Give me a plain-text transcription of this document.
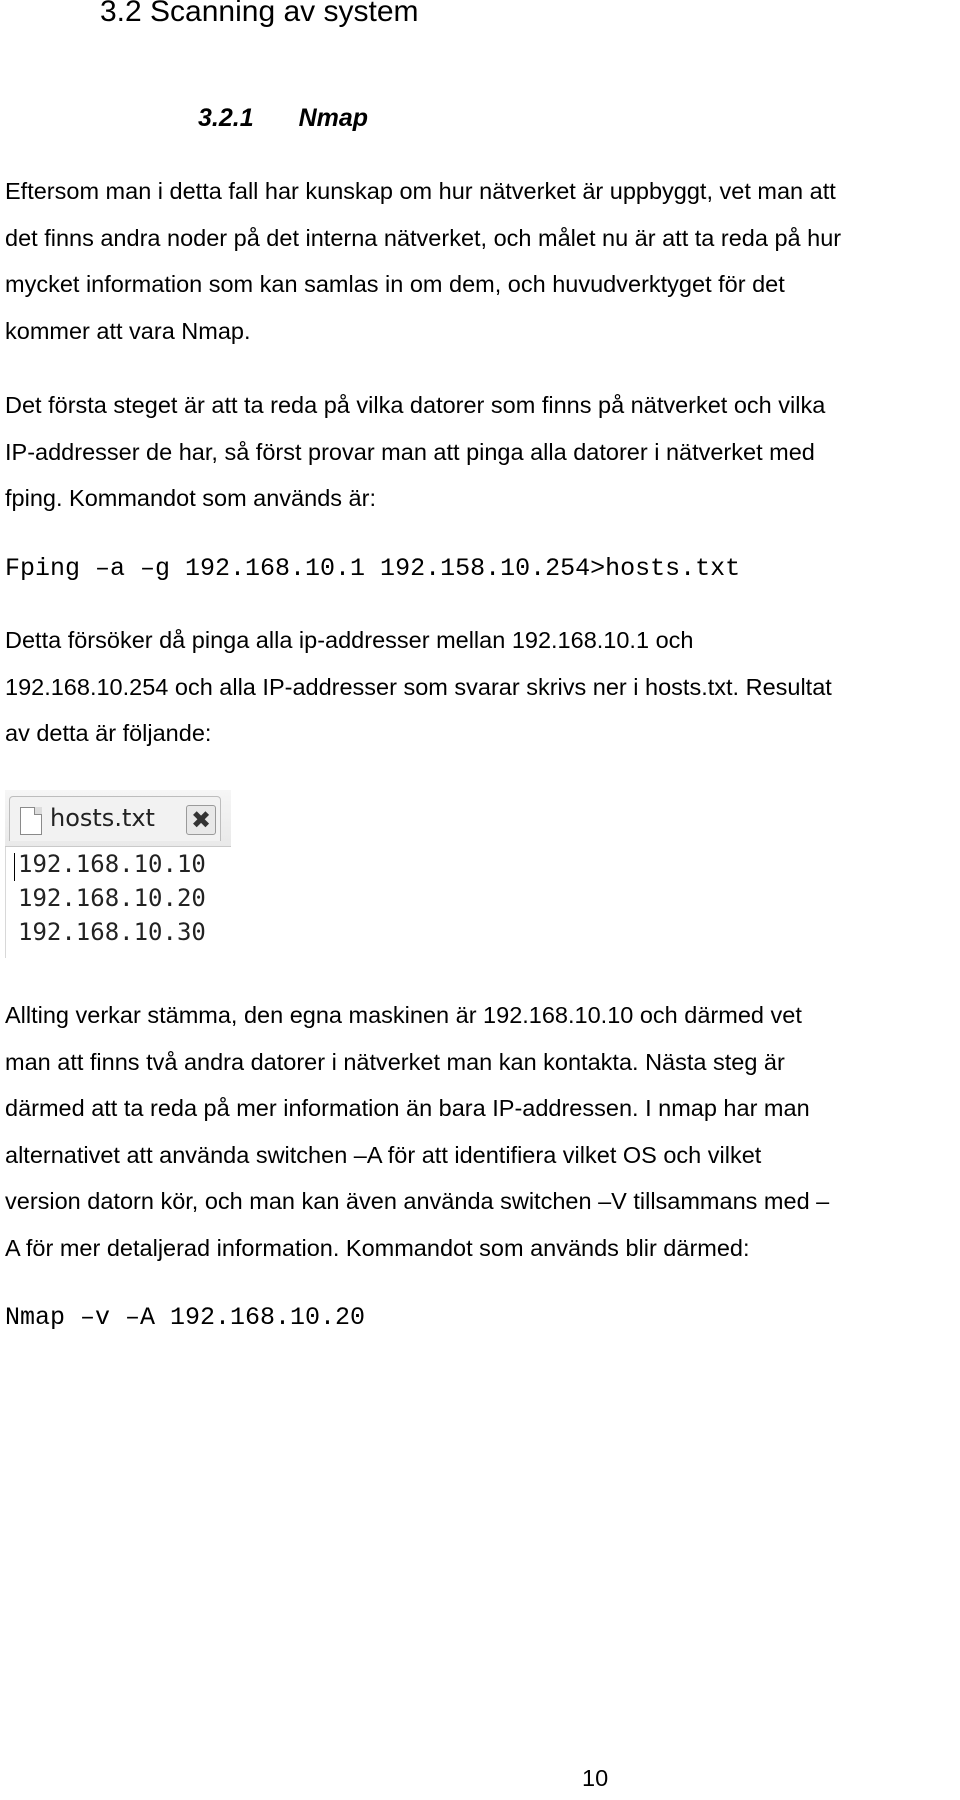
3.2 Scanning av system
3.2.1 Nmap

Eftersom man i detta fall har kunskap om hur nätverket är uppbyggt, vet man att
det finns andra noder på det interna nätverket, och målet nu är att ta reda på hur
mycket information som kan samlas in om dem, och huvudverktyget för det
kommer att vara Nmap.

Det första steget är att ta reda på vilka datorer som finns på nätverket och vilka
IP-addresser de har, så först provar man att pinga alla datorer i nätverket med
fping. Kommandot som används är:

Fping –a –g 192.168.10.1 192.158.10.254>hosts.txt

Detta försöker då pinga alla ip-addresser mellan 192.168.10.1 och
192.168.10.254 och alla IP-addresser som svarar skrivs ner i hosts.txt. Resultat
av detta är följande:

hosts.txt ✖
192.168.10.10
192.168.10.20
192.168.10.30

Allting verkar stämma, den egna maskinen är 192.168.10.10 och därmed vet
man att finns två andra datorer i nätverket man kan kontakta. Nästa steg är
därmed att ta reda på mer information än bara IP-addressen. I nmap har man
alternativet att använda switchen –A för att identifiera vilket OS och vilket
version datorn kör, och man kan även använda switchen –V tillsammans med –
A för mer detaljerad information. Kommandot som används blir därmed:

Nmap –v –A 192.168.10.20

10
